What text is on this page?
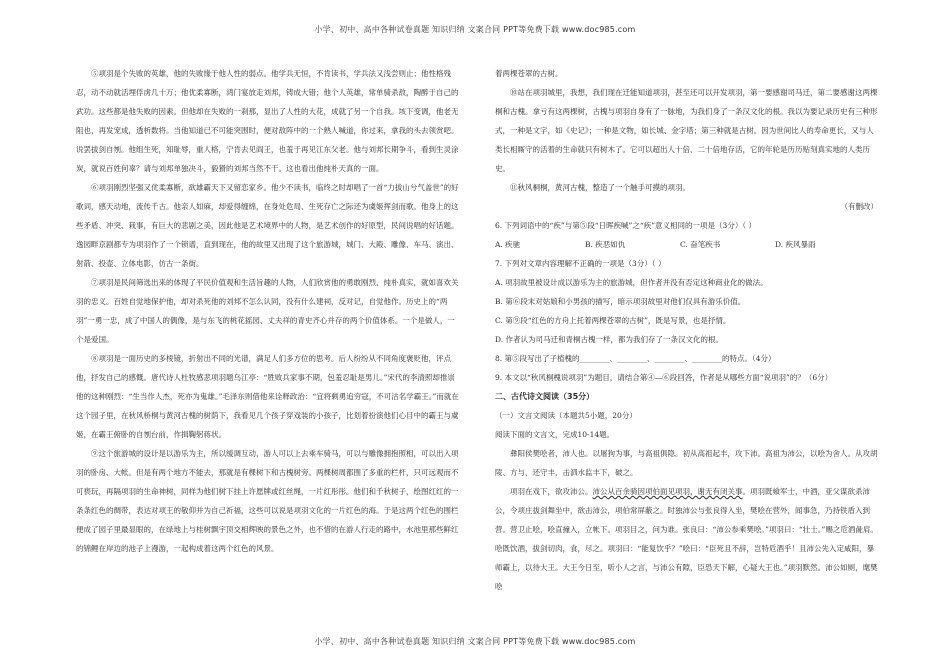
小学、初中、高中各种试卷真题 知识归纳 文案合同 PPT等免费下载 www.doc985.com

⑤项羽是个失败的英雄，他的失败缘于他人性的弱点。他学兵无恒，不肯读书，学兵法又浅尝则止；他性格残忍，动不动就活埋俘虏几十万；他优柔寡断，鸿门宴放走刘邦，铸成大错；他个人英雄，常单骑杀敌，陶醉于自己的武功。这些都是他失败的因素。但他却在失败的一刹那，显出了人性的大花，成就了另一个自我。垓下变调，他老无阻也，再发宠成，透析数将。当他知道已不可能突围时，便对敌阵中的一个熟人喊道，你过来，拿我的头去领赏吧。说罢拔剑自刎。他组生死，知耻辱，重人格，宁肯去见阎王，也羞于再见江东父老。他与刘邦长期争斗，看到生灵涂炭，就说百姓何辜？请与刘邦单独决斗，毅猾的刘邦当然不干。这也看出他纯朴天真的一面。

⑥项羽刚烈坚强又优柔寡断，欲雄霸天下又留恋家乡。他少不读书，临终之时却唱了一首“力拔山兮气盖世”的好歌词，感天动地，流传千古。他亲人如麻，却爱得缠绵，在身处危局、生死存亡之际还为虞姬挥剑而歌。他身上的这些矛盾、冲突、栽事，有巨大的悲剧之美，因此他是艺术境界中的人物，是艺术创作的好原型，民间说唱的好话题。逸园畔京剧都专为项羽作了一个锁谱，直到现在，他的故里又出现了这个旅游城，城门、大殿、雕像、车马、演出、射箭、投壶、立体电影，仿古一条街。

⑦项羽是民间筛选出来的体现了平民价值观和生活旨趣的人物，人们欣赏他的勇敢刚烈、纯朴真实，就如喜欢关羽的忠义。百姓自觉地保护他，却对杀死他的刘邦不怎么认同，没有什么建祠，反对记，自觉他作。历史上的“两羽”一勇一忠，成了中国人的偶像，是与东飞的桃花摇园、丈夫祥的青史齐心并存的两个价值体系。一个是做人，一个是爱国。

⑧项羽是一面历史的多棱镜，折射出不同的光谱，满足人们多方位的思考。后人纷纷从不同角度褒贬他，评点他，抒发自己的感慨。唐代诗人杜牧感悲项羽题乌江亭：“胜败兵家事不期，包羞忍耻是男儿。”宋代的李清照却推崇他的这种刚烈：“生当作人杰，死亦为鬼雄。”毛泽东则借他来诠释政治：“宜将剩勇追穷寇，不可沽名学霸王。”而就在这个园子里，在秋风桥桐与黄河古槐的树荫下，我看见几个孩子穿戏装的小孩子，比划着扮演他们心目中的霸王与虞姬，在霸王俯卧的自刎台前，作揖鞠躬蒋状。

⑨这个旅游城的设计是以游乐为主，所以缓调互动，游人可以上去乘车骑马，可以与雕像拥抱照相，可以出入项羽的卧房、大帐。但是有两个地方不能去，那就是有棵树下和古槐树旁。两棵树周都围了多重的栏杆，只可远观而不可亵玩，再隔项羽的生命神树，同样为他们树下挂上许愿牌或红丝绳，一片红彤彤。他们和千秋树子，绘图红红的一条条红色的绸带，表达对项王的敬仰并为自己祈福，这些可以说是项羽文化的一片红色的海。于是这两个红色的围栏便成了园子里最显眼的，在绿地上与桂树飘宇顶交相辉映的景色之外，也不惜的在游人行走的路中，水池里那些鲜红的锦鲤在岸边的池子上漫游，一起构成着这两个红色的风景。

着两棵苍翠的古树。

⑩站在项羽城里，我想，我们现在迁能知道项羽，甚至还可以开发项羽，第一要感谢司马迁，第二要感谢这两棵桐和古槐。拿亏有这两棵树，古槐与项羽自身有了一脉地，为我们身了一条汉文化的根。我以为要记录历史有三种形式，一种是文字，如《史记》；一种是文物，如长城、金字塔；第三种就是古树。因为世间比人的寿命更长，又与人类长相厮守的活着的生命就只有树木了。它可以超出人十倍、二十倍地存活，它的年轮是历历贴刻真实地的人类历史。

⑪秋风桐桐，黄河古槐，整造了一个触手可摸的项羽。

（有删改）

6. 下列词语中的“疾”与第⑤段“日晖疾喊”之“疾”意义相同的一项是（3分）（ ）

A. 疾驰	B. 疾恶如仇	C. 奋笔疾书	D. 疾风暴雨

7. 下列对文章内容理解不正确的一项是（3分）（ ）

A. 项羽故里被设计成以游乐为主的旅游城，但作者并没有否定这种商业化的做法。

B. 第⑥段末对姑娘和小男孩的描写，暗示项羽故里对他们仅具有游乐价值。

C. 第⑨段“红色的方舟上托着两棵苍翠的古树”，既是写景，也是抒情。

D. 作者认为司马迁和青桐古槐一样，都为我们存了一条汉文化的根。

8. 第⑤段写出了子植槐的________、________、________、________的特点。（4分）

9. 本文以“秋风桐槐说项羽”为题目，请结合第④—⑥段回答，作者是从哪些方面“说项羽”的？（6分）

二、古代诗文阅读（35分）

（一）文言文阅读（本题共5小题，20分）

阅读下面的文言文，完成10-14题。

彝阳侯樊哙者，沛人也。以屠狗为事，与高祖俱隐。初从高祖起丰，攻下沛。高祖为沛公，以哙为舍人。从攻胡陵、方与，还守丰，击泗水监丰下，破之。

项羽在戏下，欲攻沛公。沛公从百余骑因项伯面见项羽，谢无有闭关事。项羽既飨军士，中酒，亚父谋欲杀沛公，令项庄拔剑舞坐中，欲击沛公，项伯常屏蔽之。时独沛公与张良得入坐，樊哙在营外，闻事急，乃持铁盾入到营。营卫止哙，哙直撞入，立帐下。项羽目之，问为谁。张良曰：“沛公参乘樊哙。”项羽曰：“壮士。”赐之卮酒彘肩。哙既饮酒，拔剑切肉，食，尽之。项羽曰：“能复饮乎？”哙曰：“臣死且不辞，岂特卮酒乎！且沛公先入定咸阳，暴师霸上，以待大王。大王今日至，听小人之言，与沛公有隙，臣恐天下解，心疑大王也。”项羽默然。沛公如厕，麾樊哙

小学、初中、高中各种试卷真题 知识归纳 文案合同 PPT等免费下载 www.doc985.com
